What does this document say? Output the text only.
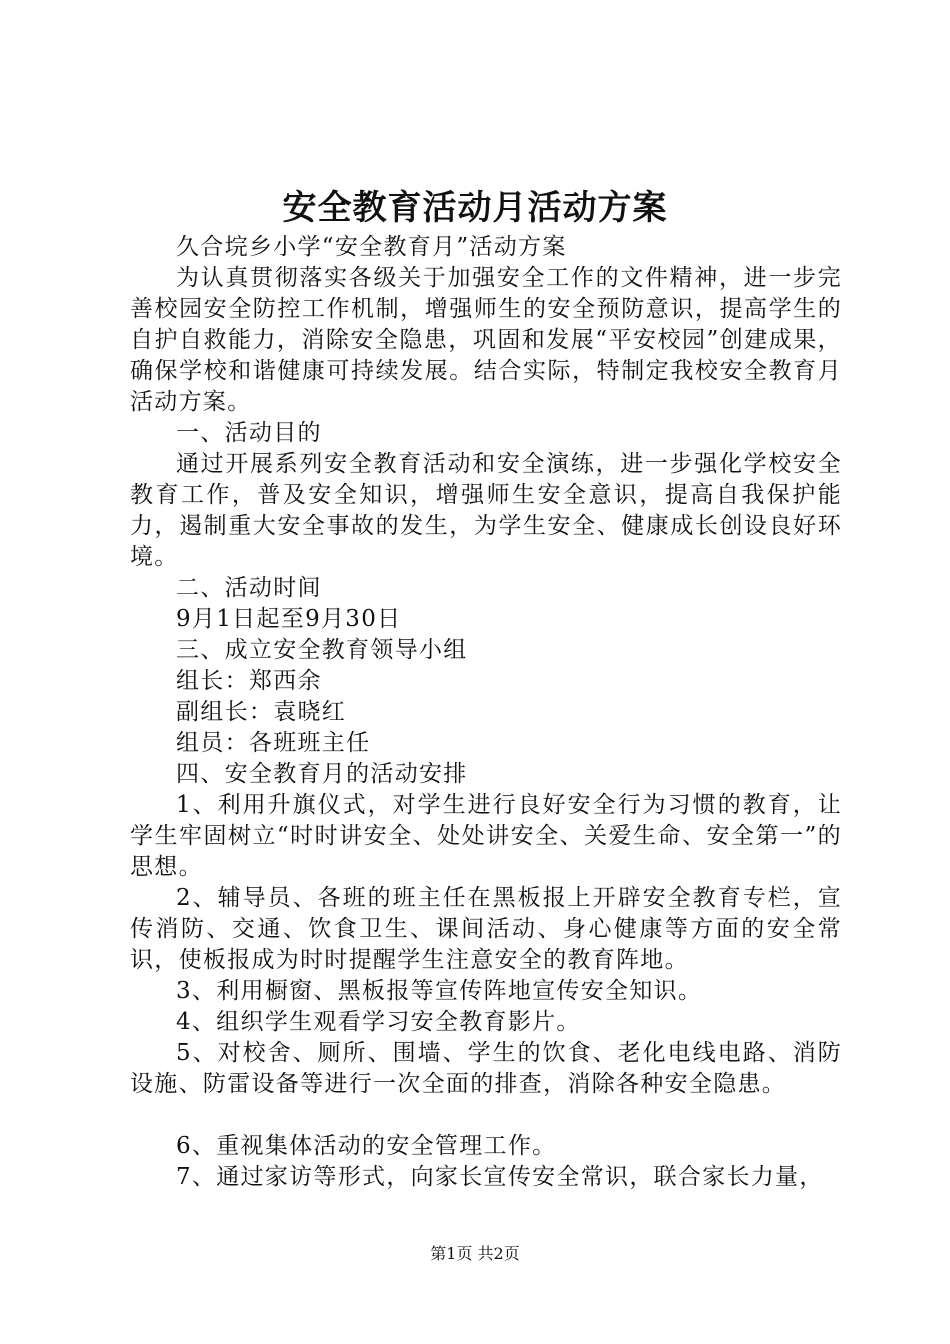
安全教育活动月活动方案

久合垸乡小学“安全教育月”活动方案

为认真贯彻落实各级关于加强安全工作的文件精神，进一步完善校园安全防控工作机制，增强师生的安全预防意识，提高学生的自护自救能力，消除安全隐患，巩固和发展“平安校园”创建成果，确保学校和谐健康可持续发展。结合实际，特制定我校安全教育月活动方案。

一、活动目的

通过开展系列安全教育活动和安全演练，进一步强化学校安全教育工作，普及安全知识，增强师生安全意识，提高自我保护能力，遏制重大安全事故的发生，为学生安全、健康成长创设良好环境。

二、活动时间

9月1日起至9月30日

三、成立安全教育领导小组

组长：郑西余

副组长：袁晓红

组员：各班班主任

四、安全教育月的活动安排

1、利用升旗仪式，对学生进行良好安全行为习惯的教育，让学生牢固树立“时时讲安全、处处讲安全、关爱生命、安全第一”的思想。

2、辅导员、各班的班主任在黑板报上开辟安全教育专栏，宣传消防、交通、饮食卫生、课间活动、身心健康等方面的安全常识，使板报成为时时提醒学生注意安全的教育阵地。

3、利用橱窗、黑板报等宣传阵地宣传安全知识。

4、组织学生观看学习安全教育影片。

5、对校舍、厕所、围墙、学生的饮食、老化电线电路、消防设施、防雷设备等进行一次全面的排查，消除各种安全隐患。

6、重视集体活动的安全管理工作。

7、通过家访等形式，向家长宣传安全常识，联合家长力量，

第1页 共2页
